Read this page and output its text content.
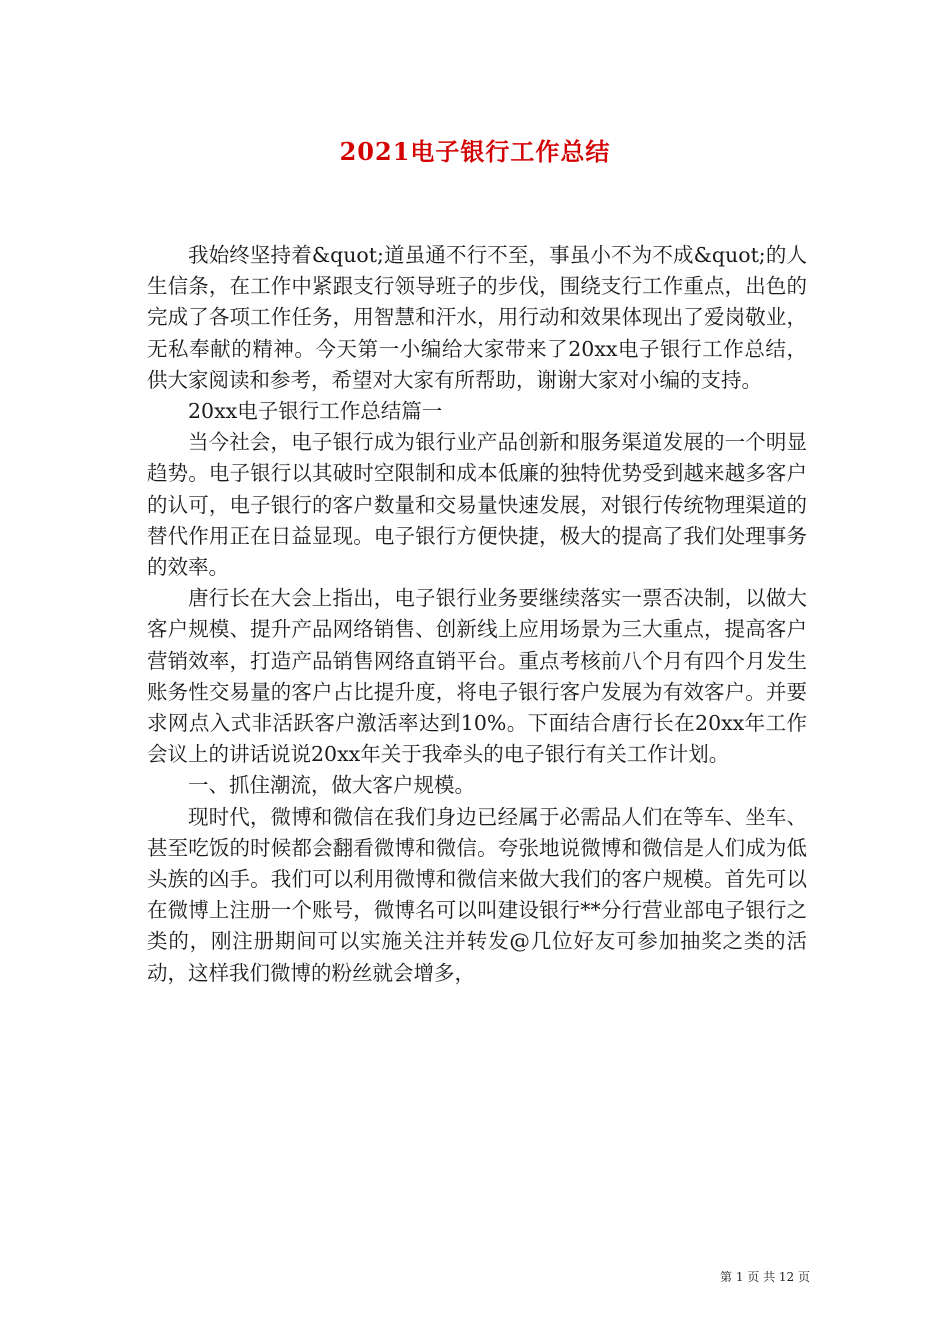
2021电子银行工作总结

我始终坚持着&quot;道虽通不行不至，事虽小不为不成&quot;的人生信条，在工作中紧跟支行领导班子的步伐，围绕支行工作重点，出色的完成了各项工作任务，用智慧和汗水，用行动和效果体现出了爱岗敬业，无私奉献的精神。今天第一小编给大家带来了20xx电子银行工作总结，供大家阅读和参考，希望对大家有所帮助，谢谢大家对小编的支持。

20xx电子银行工作总结篇一

当今社会，电子银行成为银行业产品创新和服务渠道发展的一个明显趋势。电子银行以其破时空限制和成本低廉的独特优势受到越来越多客户的认可，电子银行的客户数量和交易量快速发展，对银行传统物理渠道的替代作用正在日益显现。电子银行方便快捷，极大的提高了我们处理事务的效率。

唐行长在大会上指出，电子银行业务要继续落实一票否决制，以做大客户规模、提升产品网络销售、创新线上应用场景为三大重点，提高客户营销效率，打造产品销售网络直销平台。重点考核前八个月有四个月发生账务性交易量的客户占比提升度，将电子银行客户发展为有效客户。并要求网点入式非活跃客户激活率达到10%。下面结合唐行长在20xx年工作会议上的讲话说说20xx年关于我牵头的电子银行有关工作计划。

一、抓住潮流，做大客户规模。

现时代，微博和微信在我们身边已经属于必需品人们在等车、坐车、甚至吃饭的时候都会翻看微博和微信。夸张地说微博和微信是人们成为低头族的凶手。我们可以利用微博和微信来做大我们的客户规模。首先可以在微博上注册一个账号，微博名可以叫建设银行**分行营业部电子银行之类的，刚注册期间可以实施关注并转发@几位好友可参加抽奖之类的活动，这样我们微博的粉丝就会增多，

第 1 页 共 12 页
